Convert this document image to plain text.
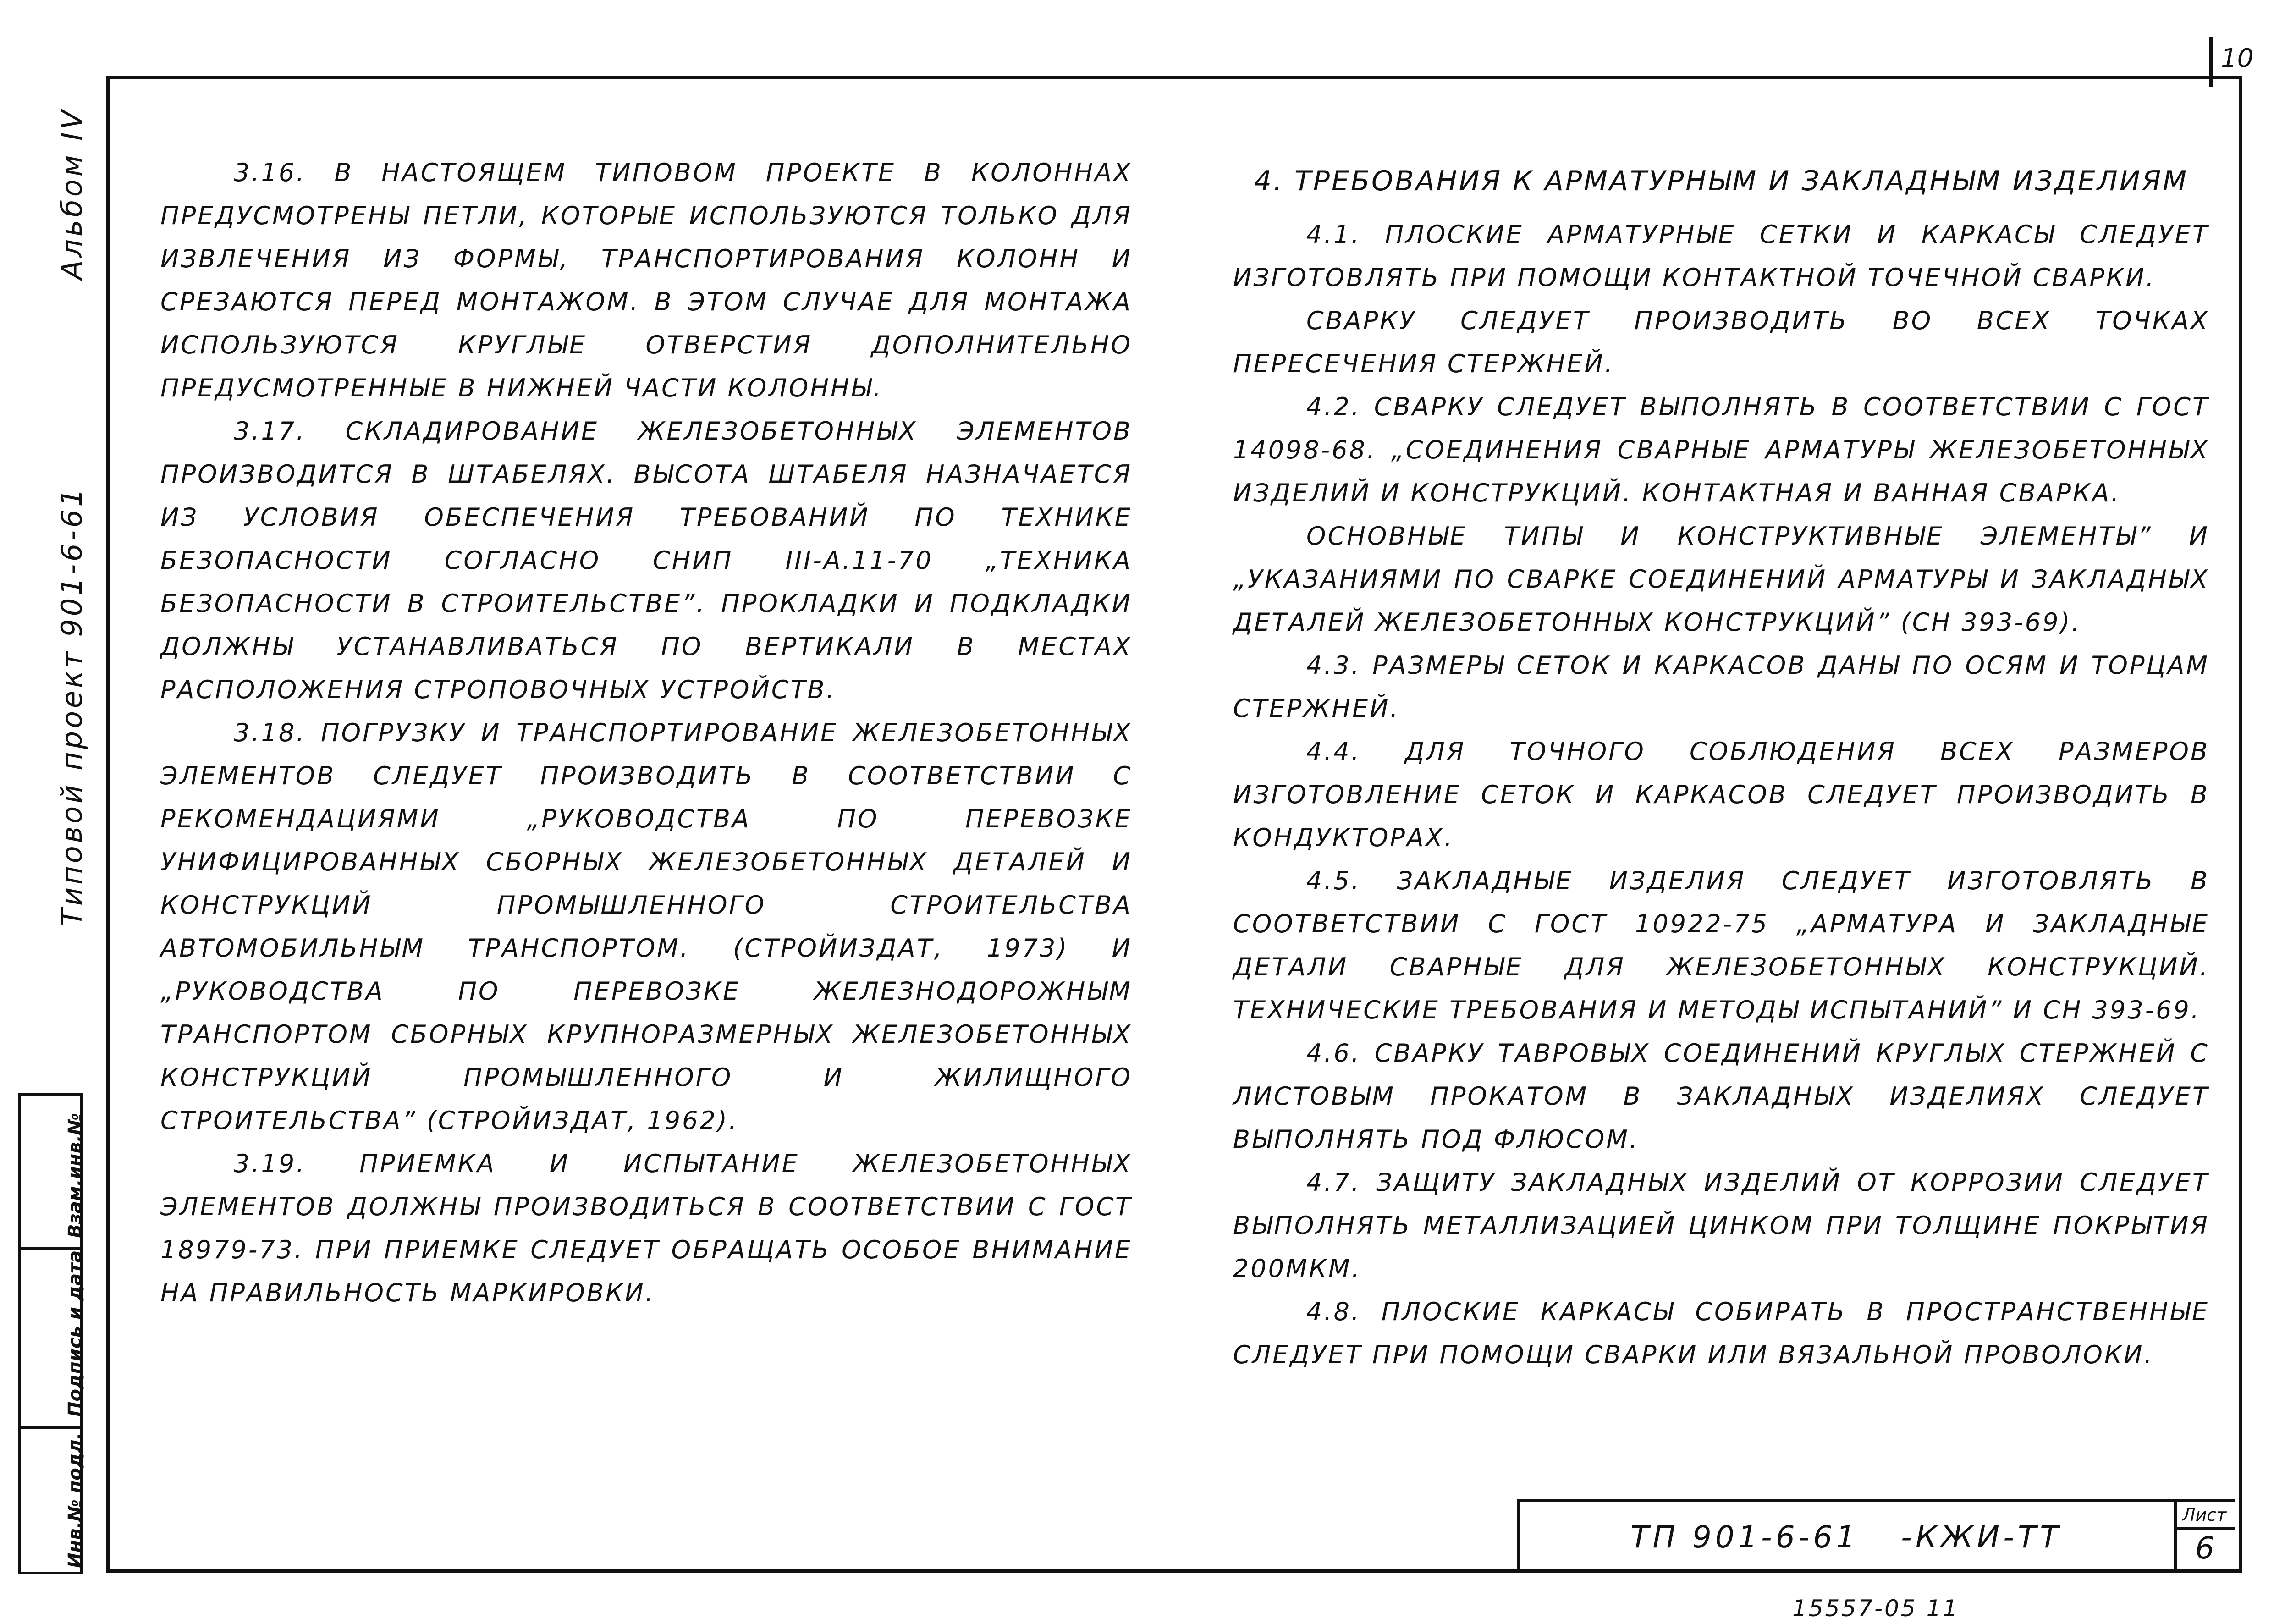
10
Альбом IV
Типовой проект 901-6-61
Инв.№ подл.
Подпись и дата
Взам.инв.№

3.16. В НАСТОЯЩЕМ ТИПОВОМ ПРОЕКТЕ В КОЛОННАХ ПРЕДУСМОТРЕНЫ ПЕТЛИ, КОТОРЫЕ ИСПОЛЬЗУЮТСЯ ТОЛЬКО ДЛЯ ИЗВЛЕЧЕНИЯ ИЗ ФОРМЫ, ТРАНСПОРТИРОВАНИЯ КОЛОНН И СРЕЗАЮТСЯ ПЕРЕД МОНТАЖОМ. В ЭТОМ СЛУЧАЕ ДЛЯ МОНТАЖА ИСПОЛЬЗУЮТСЯ КРУГЛЫЕ ОТВЕРСТИЯ ДОПОЛНИТЕЛЬНО ПРЕДУСМОТРЕННЫЕ В НИЖНЕЙ ЧАСТИ КОЛОННЫ.

3.17. СКЛАДИРОВАНИЕ ЖЕЛЕЗОБЕТОННЫХ ЭЛЕМЕНТОВ ПРОИЗВОДИТСЯ В ШТАБЕЛЯХ. ВЫСОТА ШТАБЕЛЯ НАЗНАЧАЕТСЯ ИЗ УСЛОВИЯ ОБЕСПЕЧЕНИЯ ТРЕБОВАНИЙ ПО ТЕХНИКЕ БЕЗОПАСНОСТИ СОГЛАСНО СНИП III-А.11-70 „ТЕХНИКА БЕЗОПАСНОСТИ В СТРОИТЕЛЬСТВЕ”. ПРОКЛАДКИ И ПОДКЛАДКИ ДОЛЖНЫ УСТАНАВЛИВАТЬСЯ ПО ВЕРТИКАЛИ В МЕСТАХ РАСПОЛОЖЕНИЯ СТРОПОВОЧНЫХ УСТРОЙСТВ.

3.18. ПОГРУЗКУ И ТРАНСПОРТИРОВАНИЕ ЖЕЛЕЗОБЕТОННЫХ ЭЛЕМЕНТОВ СЛЕДУЕТ ПРОИЗВОДИТЬ В СООТВЕТСТВИИ С РЕКОМЕНДАЦИЯМИ „РУКОВОДСТВА ПО ПЕРЕВОЗКЕ УНИФИЦИРОВАННЫХ СБОРНЫХ ЖЕЛЕЗОБЕТОННЫХ ДЕТАЛЕЙ И КОНСТРУКЦИЙ ПРОМЫШЛЕННОГО СТРОИТЕЛЬСТВА АВТОМОБИЛЬНЫМ ТРАНСПОРТОМ. (СТРОЙИЗДАТ, 1973) И „РУКОВОДСТВА ПО ПЕРЕВОЗКЕ ЖЕЛЕЗНОДОРОЖНЫМ ТРАНСПОРТОМ СБОРНЫХ КРУПНОРАЗМЕРНЫХ ЖЕЛЕЗОБЕТОННЫХ КОНСТРУКЦИЙ ПРОМЫШЛЕННОГО И ЖИЛИЩНОГО СТРОИТЕЛЬСТВА” (СТРОЙИЗДАТ, 1962).

3.19. ПРИЕМКА И ИСПЫТАНИЕ ЖЕЛЕЗОБЕТОННЫХ ЭЛЕМЕНТОВ ДОЛЖНЫ ПРОИЗВОДИТЬСЯ В СООТВЕТСТВИИ С ГОСТ 18979-73. ПРИ ПРИЕМКЕ СЛЕДУЕТ ОБРАЩАТЬ ОСОБОЕ ВНИМАНИЕ НА ПРАВИЛЬНОСТЬ МАРКИРОВКИ.

4. ТРЕБОВАНИЯ К АРМАТУРНЫМ И ЗАКЛАДНЫМ ИЗДЕЛИЯМ

4.1. ПЛОСКИЕ АРМАТУРНЫЕ СЕТКИ И КАРКАСЫ СЛЕДУЕТ ИЗГОТОВЛЯТЬ ПРИ ПОМОЩИ КОНТАКТНОЙ ТОЧЕЧНОЙ СВАРКИ.

СВАРКУ СЛЕДУЕТ ПРОИЗВОДИТЬ ВО ВСЕХ ТОЧКАХ ПЕРЕСЕЧЕНИЯ СТЕРЖНЕЙ.

4.2. СВАРКУ СЛЕДУЕТ ВЫПОЛНЯТЬ В СООТВЕТСТВИИ С ГОСТ 14098-68. „СОЕДИНЕНИЯ СВАРНЫЕ АРМАТУРЫ ЖЕЛЕЗОБЕТОННЫХ ИЗДЕЛИЙ И КОНСТРУКЦИЙ. КОНТАКТНАЯ И ВАННАЯ СВАРКА.

ОСНОВНЫЕ ТИПЫ И КОНСТРУКТИВНЫЕ ЭЛЕМЕНТЫ” И „УКАЗАНИЯМИ ПО СВАРКЕ СОЕДИНЕНИЙ АРМАТУРЫ И ЗАКЛАДНЫХ ДЕТАЛЕЙ ЖЕЛЕЗОБЕТОННЫХ КОНСТРУКЦИЙ” (СН 393-69).

4.3. РАЗМЕРЫ СЕТОК И КАРКАСОВ ДАНЫ ПО ОСЯМ И ТОРЦАМ СТЕРЖНЕЙ.

4.4. ДЛЯ ТОЧНОГО СОБЛЮДЕНИЯ ВСЕХ РАЗМЕРОВ ИЗГОТОВЛЕНИЕ СЕТОК И КАРКАСОВ СЛЕДУЕТ ПРОИЗВОДИТЬ В КОНДУКТОРАХ.

4.5. ЗАКЛАДНЫЕ ИЗДЕЛИЯ СЛЕДУЕТ ИЗГОТОВЛЯТЬ В СООТВЕТСТВИИ С ГОСТ 10922-75 „АРМАТУРА И ЗАКЛАДНЫЕ ДЕТАЛИ СВАРНЫЕ ДЛЯ ЖЕЛЕЗОБЕТОННЫХ КОНСТРУКЦИЙ. ТЕХНИЧЕСКИЕ ТРЕБОВАНИЯ И МЕТОДЫ ИСПЫТАНИЙ” И СН 393-69.

4.6. СВАРКУ ТАВРОВЫХ СОЕДИНЕНИЙ КРУГЛЫХ СТЕРЖНЕЙ С ЛИСТОВЫМ ПРОКАТОМ В ЗАКЛАДНЫХ ИЗДЕЛИЯХ СЛЕДУЕТ ВЫПОЛНЯТЬ ПОД ФЛЮСОМ.

4.7. ЗАЩИТУ ЗАКЛАДНЫХ ИЗДЕЛИЙ ОТ КОРРОЗИИ СЛЕДУЕТ ВЫПОЛНЯТЬ МЕТАЛЛИЗАЦИЕЙ ЦИНКОМ ПРИ ТОЛЩИНЕ ПОКРЫТИЯ 200МКМ.

4.8. ПЛОСКИЕ КАРКАСЫ СОБИРАТЬ В ПРОСТРАНСТВЕННЫЕ СЛЕДУЕТ ПРИ ПОМОЩИ СВАРКИ ИЛИ ВЯЗАЛЬНОЙ ПРОВОЛОКИ.

ТП 901-6-61 -КЖИ-ТТ
Лист
6
15557-05 11
